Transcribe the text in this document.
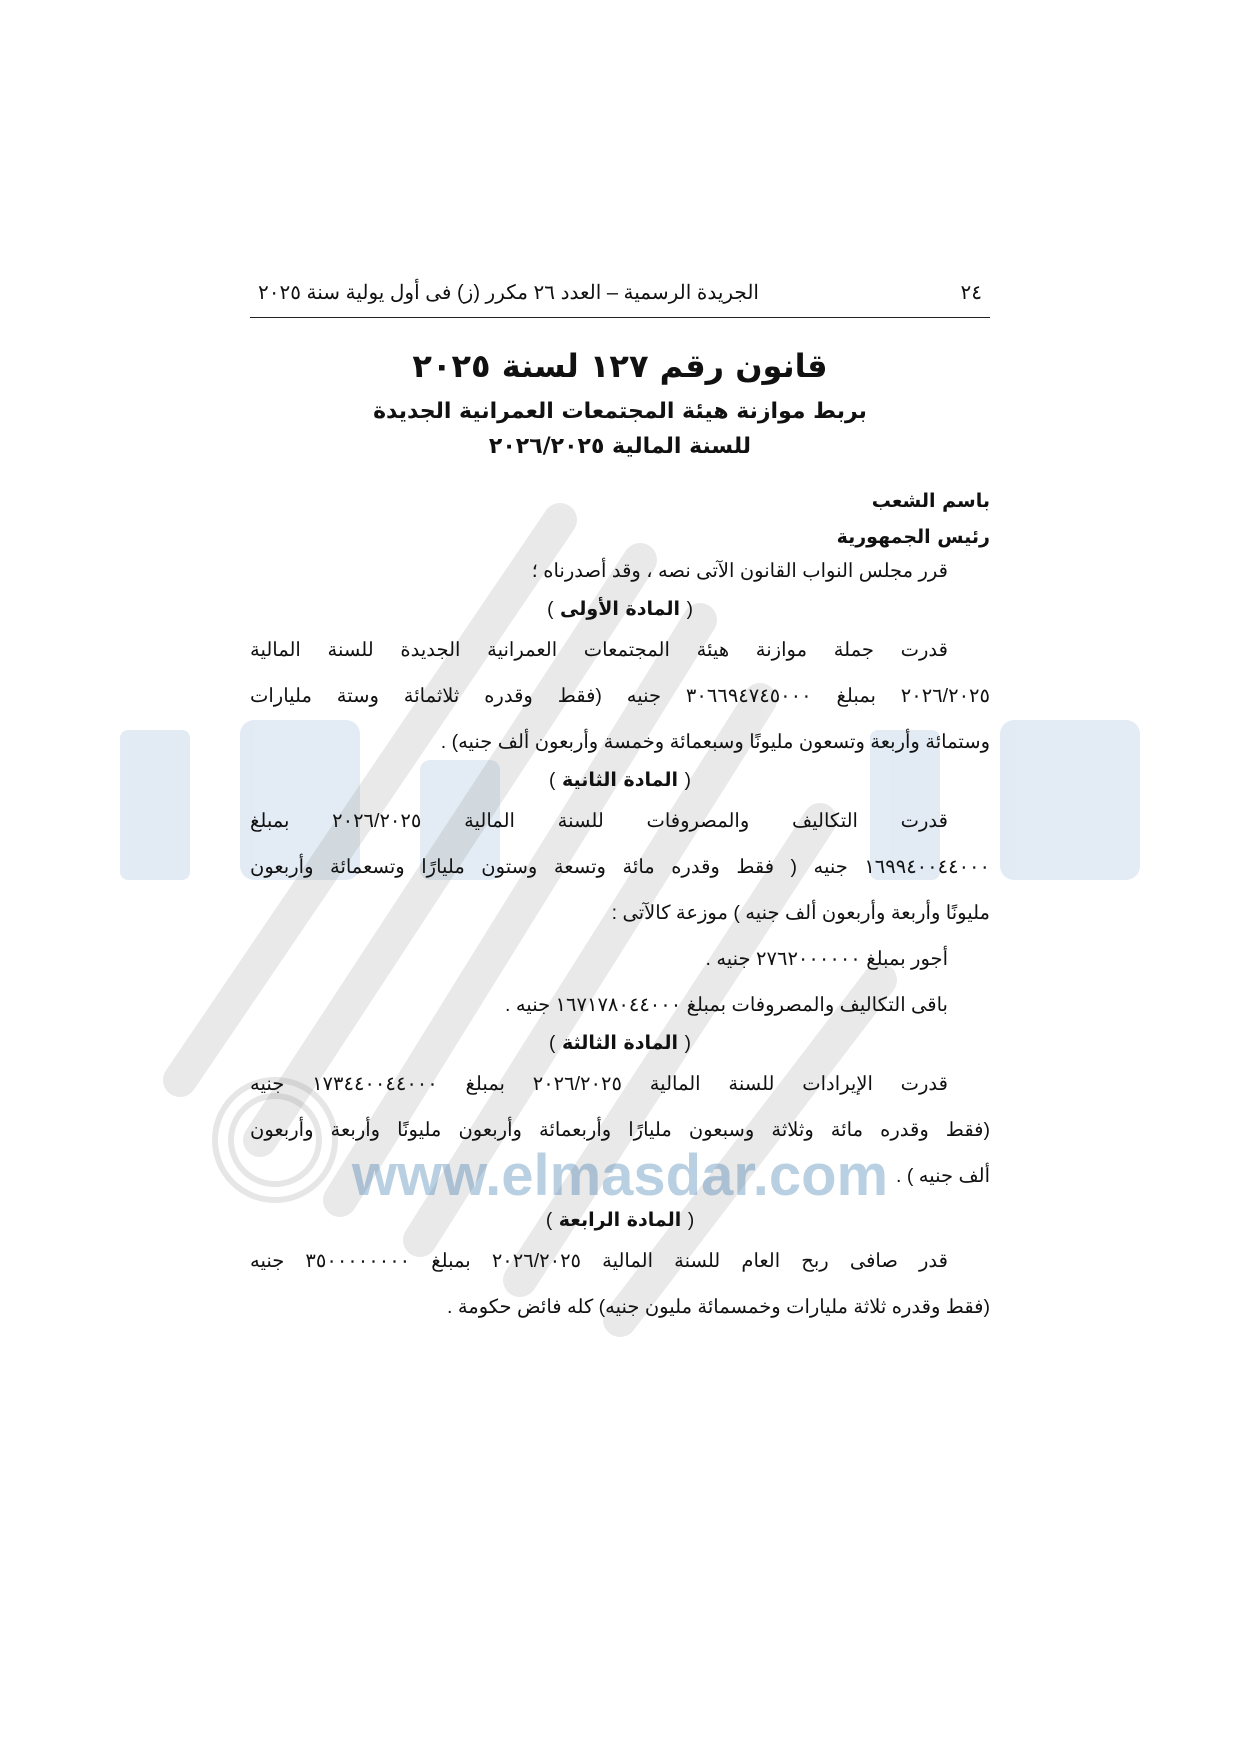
www.elmasdar.com
٢٤
الجريدة الرسمية – العدد ٢٦ مكرر (ز) فى أول يولية سنة ٢٠٢٥

قانون رقم ١٢٧ لسنة ٢٠٢٥

بربط موازنة هيئة المجتمعات العمرانية الجديدة

للسنة المالية ٢٠٢٦/٢٠٢٥

باسم الشعب

رئيس الجمهورية

قرر مجلس النواب القانون الآتى نصه ، وقد أصدرناه ؛

( المادة الأولى )

قدرت جملة موازنة هيئة المجتمعات العمرانية الجديدة للسنة المالية

٢٠٢٦/٢٠٢٥ بمبلغ ٣٠٦٦٩٤٧٤٥٠٠٠ جنيه (فقط وقدره ثلاثمائة وستة مليارات

وستمائة وأربعة وتسعون مليونًا وسبعمائة وخمسة وأربعون ألف جنيه) .

( المادة الثانية )

قدرت التكاليف والمصروفات للسنة المالية ٢٠٢٦/٢٠٢٥ بمبلغ

١٦٩٩٤٠٠٤٤٠٠٠ جنيه ( فقط وقدره مائة وتسعة وستون مليارًا وتسعمائة وأربعون

مليونًا وأربعة وأربعون ألف جنيه ) موزعة كالآتى :

أجور بمبلغ ٢٧٦٢٠٠٠٠٠٠ جنيه .

باقى التكاليف والمصروفات بمبلغ ١٦٧١٧٨٠٤٤٠٠٠ جنيه .

( المادة الثالثة )

قدرت الإيرادات للسنة المالية ٢٠٢٦/٢٠٢٥ بمبلغ ١٧٣٤٤٠٠٤٤٠٠٠ جنيه

(فقط وقدره مائة وثلاثة وسبعون مليارًا وأربعمائة وأربعون مليونًا وأربعة وأربعون

ألف جنيه ) .

( المادة الرابعة )

قدر صافى ربح العام للسنة المالية ٢٠٢٦/٢٠٢٥ بمبلغ ٣٥٠٠٠٠٠٠٠٠ جنيه

(فقط وقدره ثلاثة مليارات وخمسمائة مليون جنيه) كله فائض حكومة .
